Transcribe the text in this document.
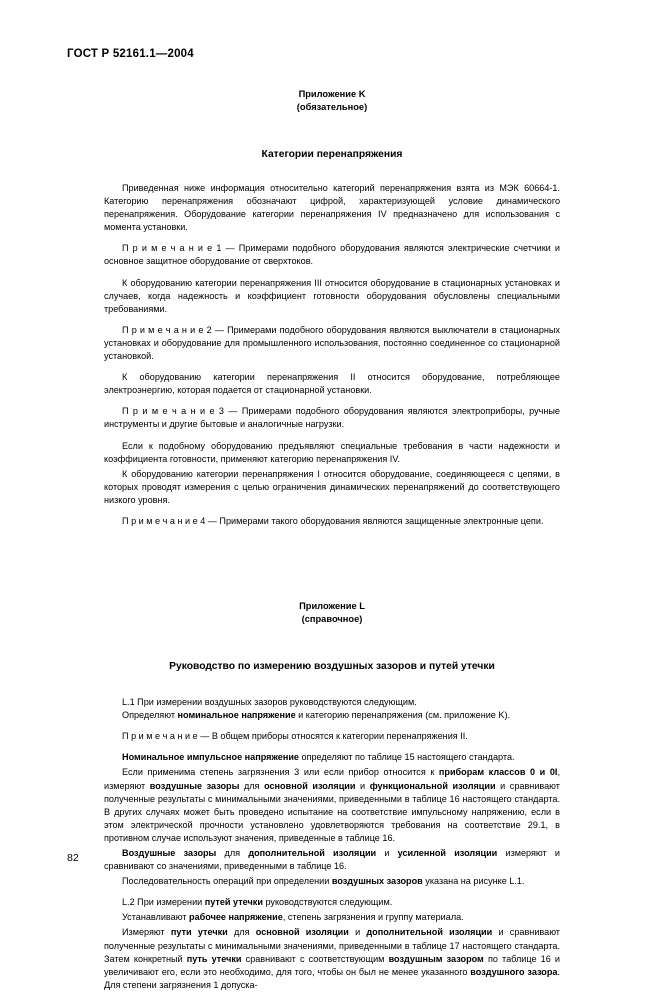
ГОСТ Р 52161.1—2004
Приложение K
(обязательное)
Категории перенапряжения

Приведенная ниже информация относительно категорий перенапряжения взята из МЭК 60664-1. Категорию перенапряжения обозначают цифрой, характеризующей условие динамического перенапряжения. Оборудование категории перенапряжения IV предназначено для использования с момента установки.

П р и м е ч а н и е 1 — Примерами подобного оборудования являются электрические счетчики и основное защитное оборудование от сверхтоков.

К оборудованию категории перенапряжения III относится оборудование в стационарных установках и случаев, когда надежность и коэффициент готовности оборудования обусловлены специальными требованиями.

П р и м е ч а н и е 2 — Примерами подобного оборудования являются выключатели в стационарных установках и оборудование для промышленного использования, постоянно соединенное со стационарной установкой.

К оборудованию категории перенапряжения II относится оборудование, потребляющее электроэнергию, которая подается от стационарной установки.

П р и м е ч а н и е 3 — Примерами подобного оборудования являются электроприборы, ручные инструменты и другие бытовые и аналогичные нагрузки.

Если к подобному оборудованию предъявляют специальные требования в части надежности и коэффициента готовности, применяют категорию перенапряжения IV.

К оборудованию категории перенапряжения I относится оборудование, соединяющееся с цепями, в которых проводят измерения с целью ограничения динамических перенапряжений до соответствующего низкого уровня.

П р и м е ч а н и е 4 — Примерами такого оборудования являются защищенные электронные цепи.

Приложение L
(справочное)
Руководство по измерению воздушных зазоров и путей утечки

L.1 При измерении воздушных зазоров руководствуются следующим.

Определяют номинальное напряжение и категорию перенапряжения (см. приложение K).

П р и м е ч а н и е — В общем приборы относятся к категории перенапряжения II.

Номинальное импульсное напряжение определяют по таблице 15 настоящего стандарта.

Если применима степень загрязнения 3 или если прибор относится к приборам классов 0 и 0I, измеряют воздушные зазоры для основной изоляции и функциональной изоляции и сравнивают полученные результаты с минимальными значениями, приведенными в таблице 16 настоящего стандарта. В других случаях может быть проведено испытание на соответствие импульсному напряжению, если в этом электрической прочности установлено удовлетворяются требования на соответствие 29.1, в противном случае используют значения, приведенные в таблице 16.

Воздушные зазоры для дополнительной изоляции и усиленной изоляции измеряют и сравнивают со значениями, приведенными в таблице 16.

Последовательность операций при определении воздушных зазоров указана на рисунке L.1.

L.2 При измерении путей утечки руководствуются следующим.

Устанавливают рабочее напряжение, степень загрязнения и группу материала.

Измеряют пути утечки для основной изоляции и дополнительной изоляции и сравнивают полученные результаты с минимальными значениями, приведенными в таблице 17 настоящего стандарта. Затем конкретный путь утечки сравнивают с соответствующим воздушным зазором по таблице 16 и увеличивают его, если это необходимо, для того, чтобы он был не менее указанного воздушного зазора. Для степени загрязнения 1 допуска-

82
